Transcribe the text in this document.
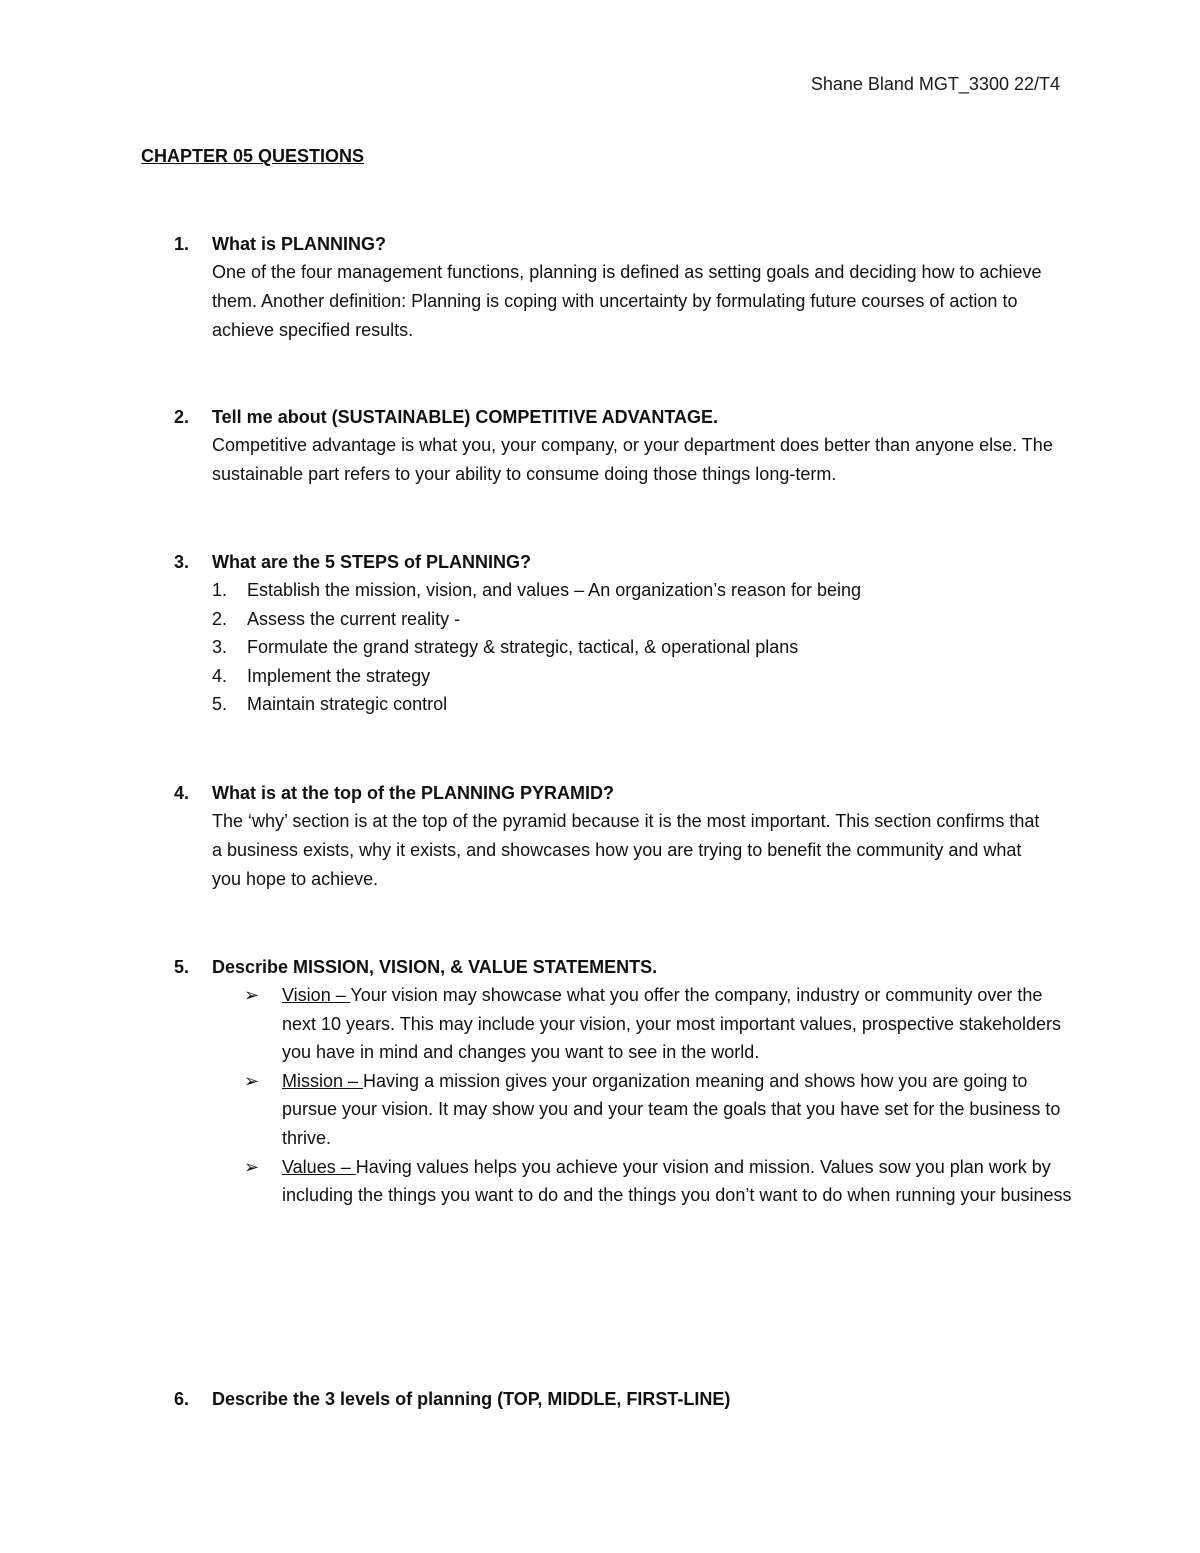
Shane Bland MGT_3300 22/T4
CHAPTER 05 QUESTIONS
1. What is PLANNING?
One of the four management functions, planning is defined as setting goals and deciding how to achieve them. Another definition: Planning is coping with uncertainty by formulating future courses of action to achieve specified results.
2. Tell me about (SUSTAINABLE) COMPETITIVE ADVANTAGE.
Competitive advantage is what you, your company, or your department does better than anyone else. The sustainable part refers to your ability to consume doing those things long-term.
3. What are the 5 STEPS of PLANNING?
1. Establish the mission, vision, and values – An organization’s reason for being
2. Assess the current reality -
3. Formulate the grand strategy & strategic, tactical, & operational plans
4. Implement the strategy
5. Maintain strategic control
4. What is at the top of the PLANNING PYRAMID?
The ‘why’ section is at the top of the pyramid because it is the most important. This section confirms that a business exists, why it exists, and showcases how you are trying to benefit the community and what you hope to achieve.
5. Describe MISSION, VISION, & VALUE STATEMENTS.
➢ Vision – Your vision may showcase what you offer the company, industry or community over the next 10 years. This may include your vision, your most important values, prospective stakeholders you have in mind and changes you want to see in the world.
➢ Mission – Having a mission gives your organization meaning and shows how you are going to pursue your vision. It may show you and your team the goals that you have set for the business to thrive.
➢ Values – Having values helps you achieve your vision and mission. Values sow you plan work by including the things you want to do and the things you don’t want to do when running your business
6. Describe the 3 levels of planning (TOP, MIDDLE, FIRST-LINE)
